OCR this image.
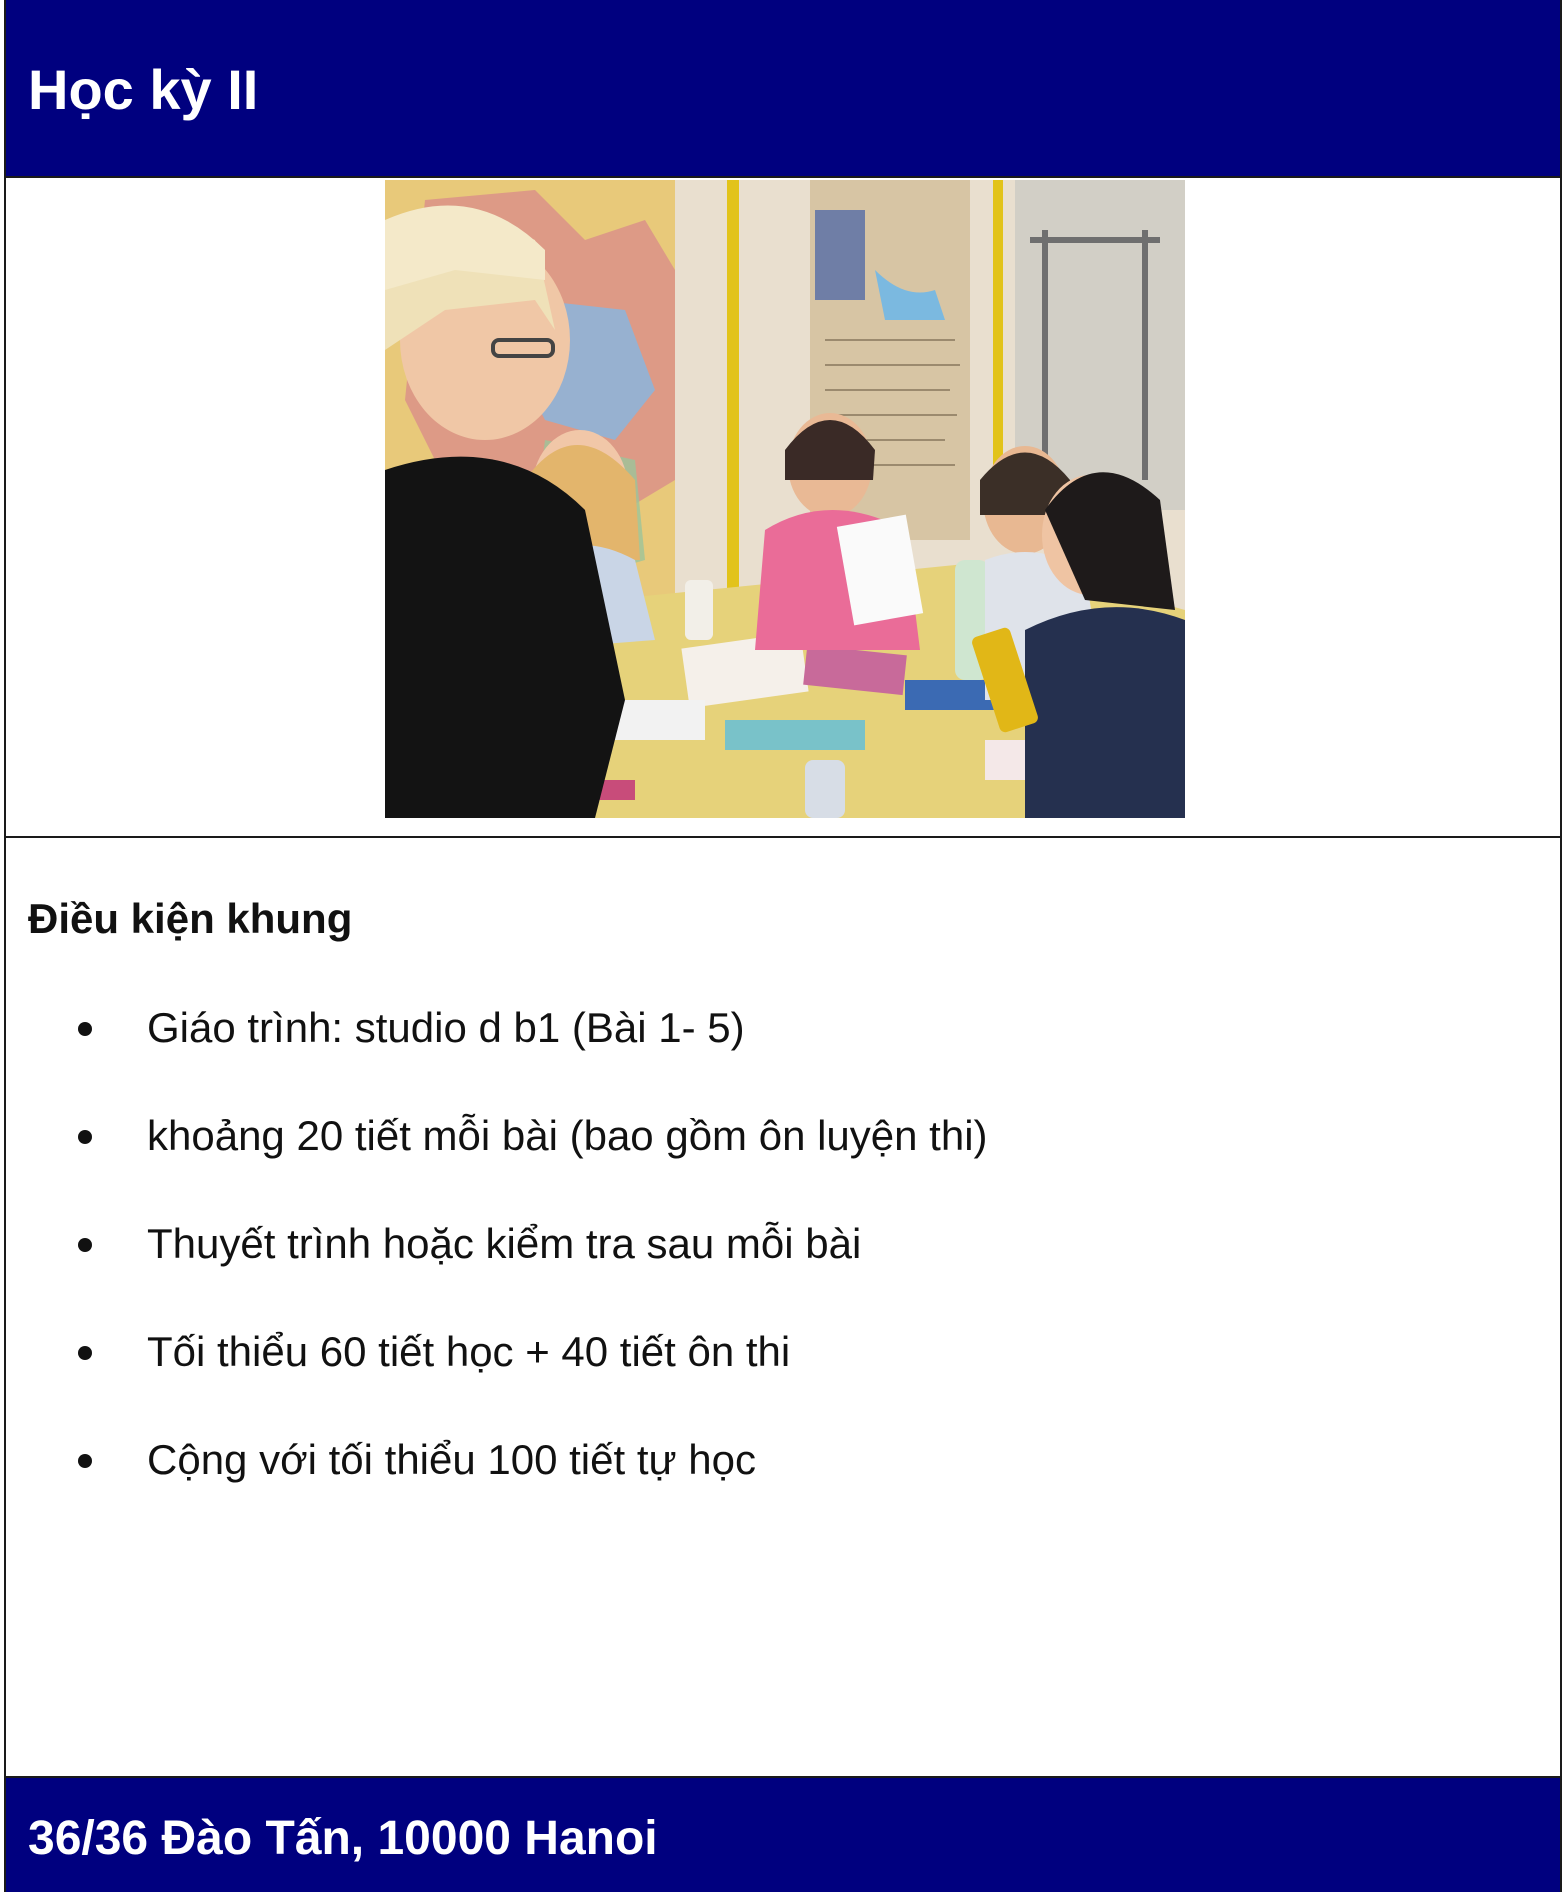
Học kỳ II
Điều kiện khung
Giáo trình: studio d b1 (Bài 1- 5)
khoảng 20 tiết mỗi bài (bao gồm ôn luyện thi)
Thuyết trình hoặc kiểm tra sau mỗi bài
Tối thiểu 60 tiết học + 40 tiết ôn thi
Cộng với tối thiểu 100 tiết tự học

36/36 Đào Tấn, 10000 Hanoi
